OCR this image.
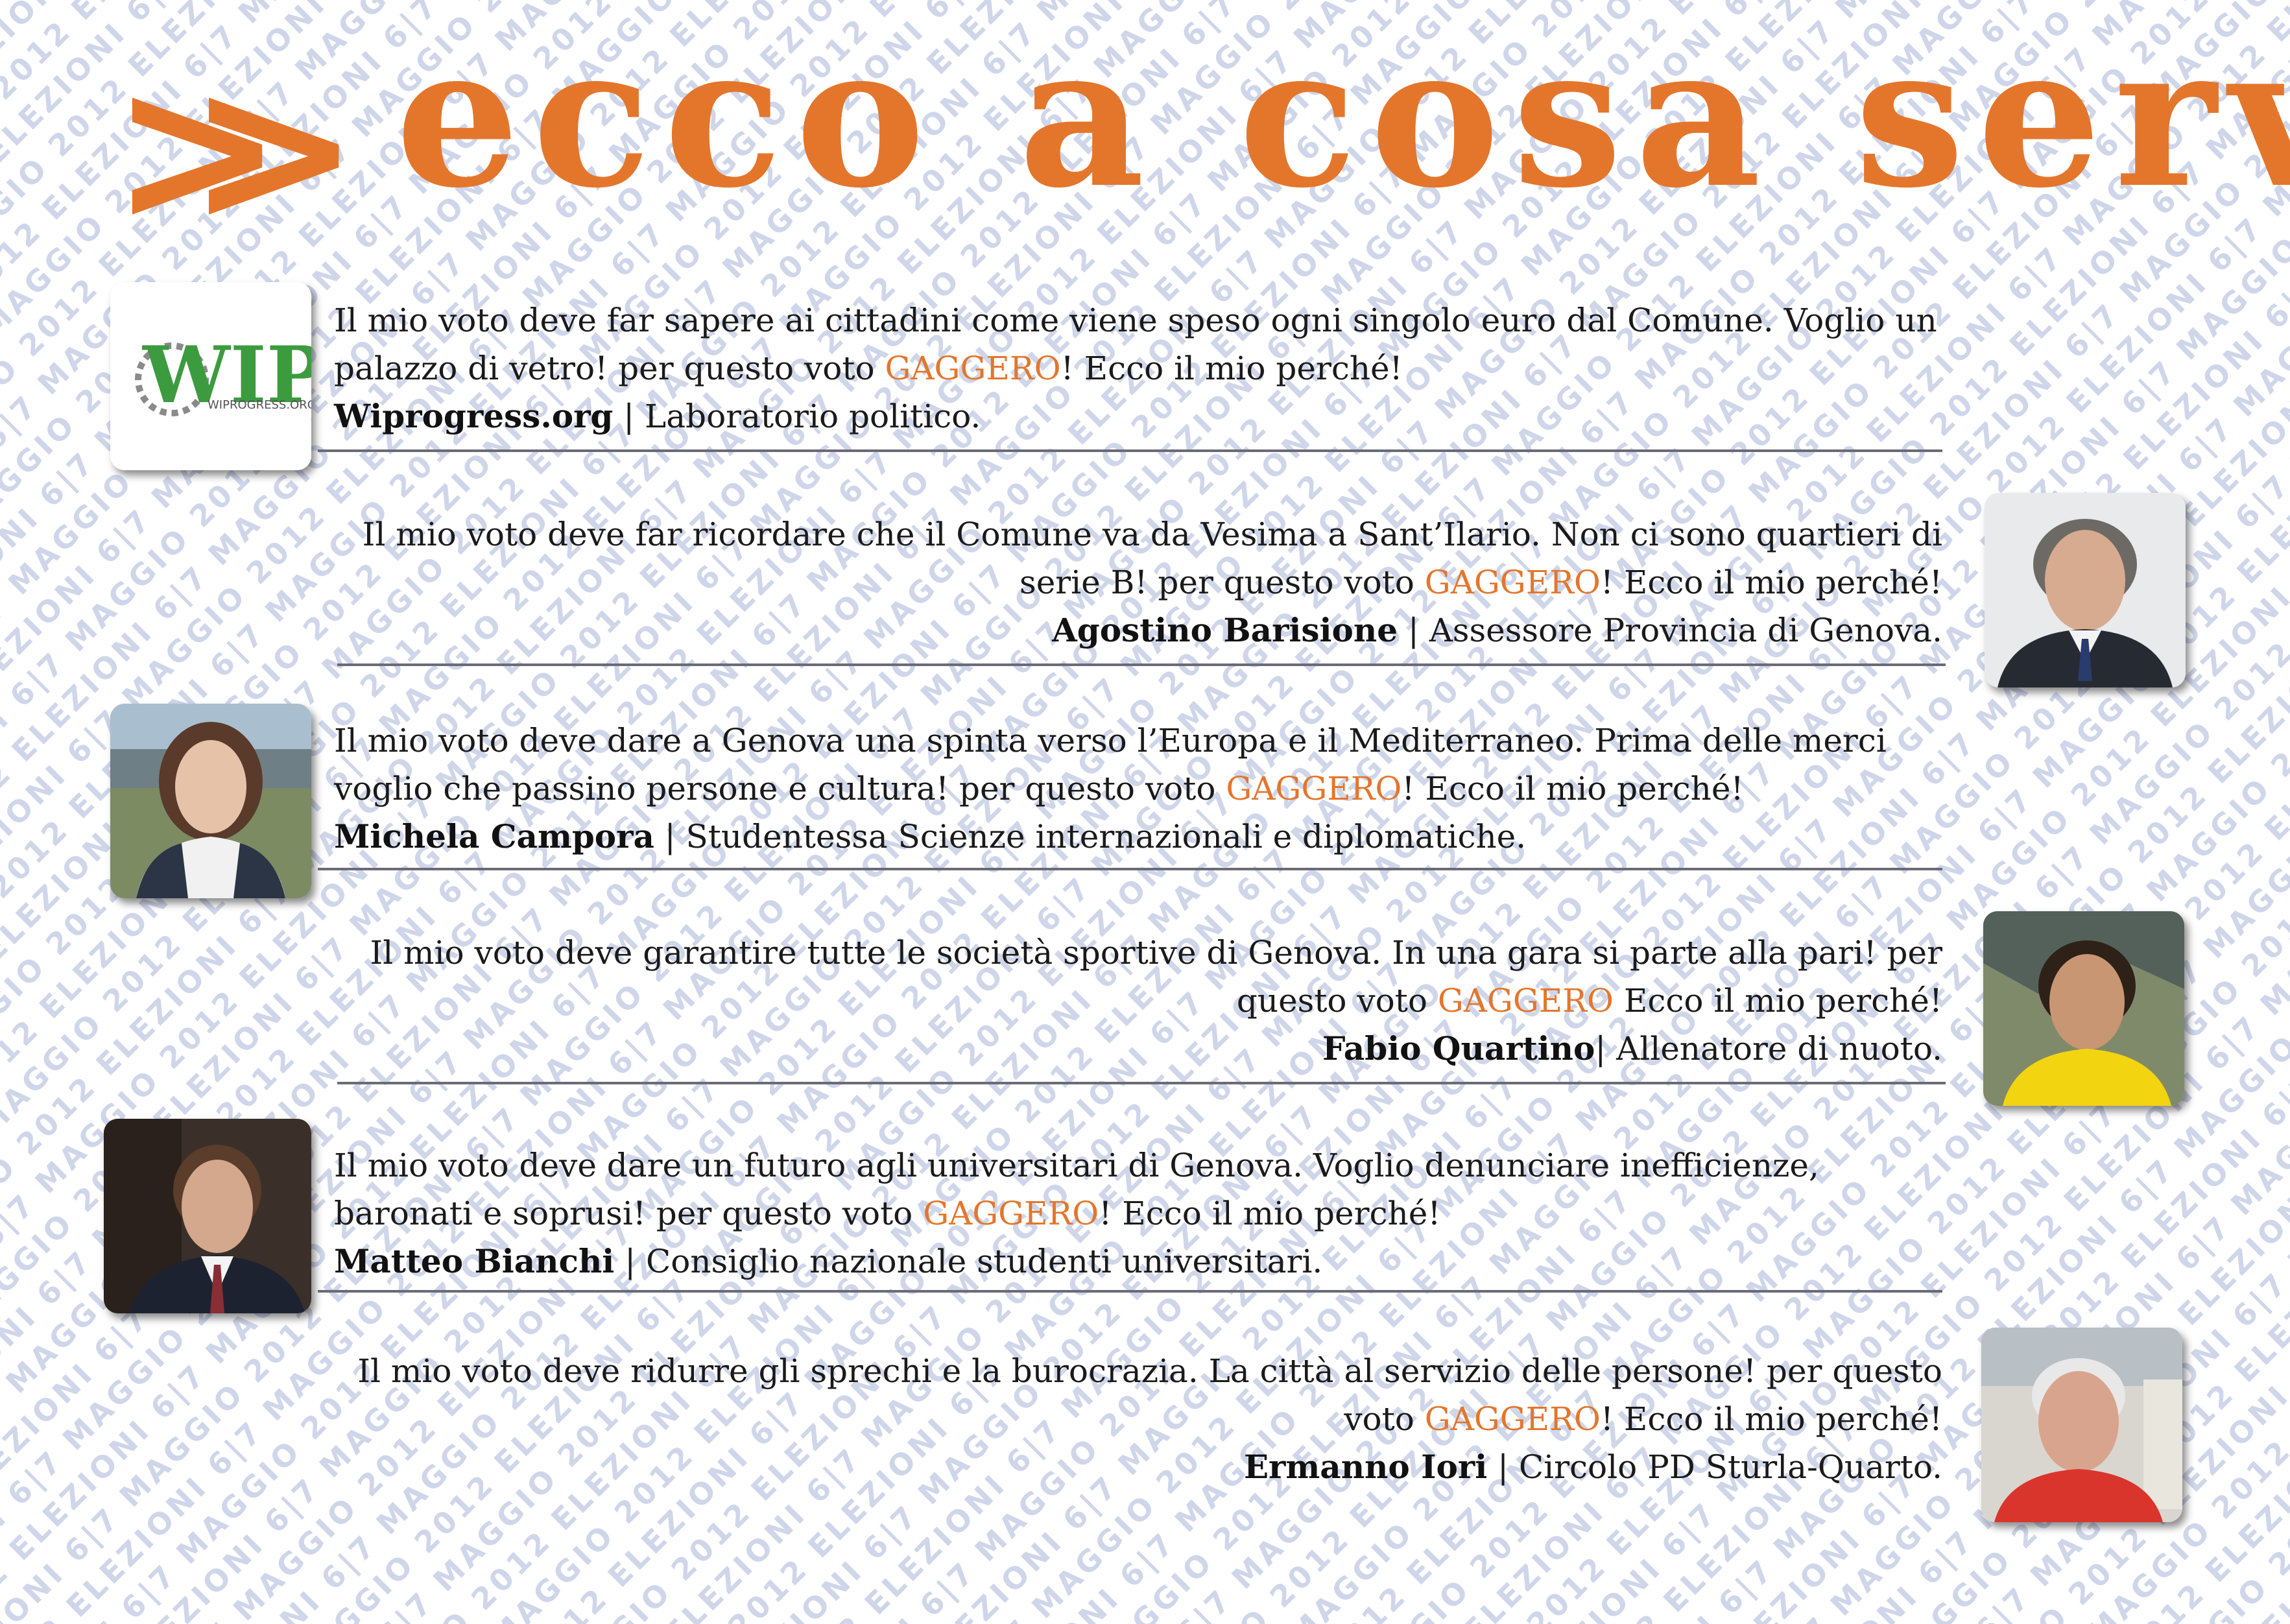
ELEZIONI 6|7 MAGGIO 2012 ELEZIONI 6|7 MAGGIO 2012
ELEZIONI 6|7 MAGGIO 2012 ELEZIONI 6|7 MAGGIO 2012 ELEZIONI
2012 6|7 MAGGIO 2012 ELEZIONI 6|7 MAGGIO 2012
ELEZIONI MAGGIO 2012 ELEZIONI 6|7 MAGGIO 2012 ELEZIONI
MAGGIO 2012 MAGGIO 2012 ELEZIONI 6|7 MAGGIO 2012 ELEZIONI
2012 ELEZIONI 2012 ELEZIONI 6|7 MAGGIO 2012 ELEZIONI 6|7
MAGGIO 2012 6|7 MAGGIO 2012 ELEZIONI 6|7 MAGGIO 2012 ELEZIONI
MAGGIO 2012 ELEZIONI 6|7 MAGGIO 2012 ELEZIONI 6|7 MAGGIO 2012 ELEZIONI 6|7 MAGGIO
6|7 MAGGIO 2012 ELEZIONI 6|7 MAGGIO 2012 ELEZIONI 6|7 MAGGIO 2012 ELEZIONI 6|7
MAGGIO ELEZIONI 6|7 MAGGIO 2012 ELEZIONI 6|7 MAGGIO 2012 ELEZIONI 6|7 MAGGIO
ELEZIONI 6|7 2012 ELEZIONI 6|7 MAGGIO 2012 ELEZIONI 6|7 MAGGIO 2012 ELEZIONI 6|7
6|7 MAGGIO 6|7 MAGGIO 2012 ELEZIONI 6|7 MAGGIO 2012 ELEZIONI 6|7 MAGGIO 2012
ELEZIONI 6|7 2012 ELEZIONI 6|7 MAGGIO 2012 ELEZIONI 6|7 MAGGIO 2012 ELEZIONI 6|7 MAGGIO
ELEZIONI 6|7 MAGGIO ELEZIONI 6|7 MAGGIO 2012 ELEZIONI 6|7 MAGGIO 2012 ELEZIONI 6|7 MAGGIO 2012
2012 ELEZIONI 6|7 2012 ELEZIONI 6|7 MAGGIO 2012 ELEZIONI 6|7 MAGGIO 2012 ELEZIONI 6|7 MAGGIO
6|7 MAGGIO 2012 ELEZIONI 6|7 MAGGIO 2012 ELEZIONI 6|7 MAGGIO 2012 ELEZIONI 6|7 MAGGIO 2012 ELEZIONI
ELEZIONI 6|7 MAGGIO 2012 ELEZIONI 6|7 MAGGIO 2012 ELEZIONI 6|7 MAGGIO 2012 ELEZIONI 6|7 MAGGIO 2012
6|7 MAGGIO 2012 ELEZIONI 6|7 MAGGIO 2012 ELEZIONI 6|7 MAGGIO 2012 ELEZIONI 6|7 MAGGIO 2012 ELEZIONI
ELEZIONI 6|7 MAGGIO 2012 ELEZIONI 6|7 MAGGIO 2012 ELEZIONI 6|7 MAGGIO 2012 ELEZIONI 6|7 MAGGIO 2012 ELEZIONI
MAGGIO 2012 ELEZIONI 6|7 MAGGIO 2012 ELEZIONI 6|7 MAGGIO 2012 ELEZIONI 6|7 MAGGIO 2012 ELEZIONI 6|7
6|7 MAGGIO 2012 ELEZIONI 6|7 MAGGIO 2012 ELEZIONI 6|7 MAGGIO 2012 ELEZIONI 6|7 MAGGIO 2012 ELEZIONI
MAGGIO 2012 ELEZIONI 6|7 MAGGIO 2012 ELEZIONI 6|7 MAGGIO 2012 ELEZIONI 6|7 MAGGIO 2012 ELEZIONI 6|7 MAGGIO
6|7 MAGGIO 2012 ELEZIONI 6|7 MAGGIO 2012 ELEZIONI 6|7 MAGGIO 2012 ELEZIONI 6|7 MAGGIO 2012 ELEZIONI 6|7
2012 ELEZIONI 6|7 MAGGIO 2012 ELEZIONI 6|7 MAGGIO 2012 ELEZIONI 6|7 MAGGIO 2012 ELEZIONI 6|7 MAGGIO
MAGGIO 2012 ELEZIONI 6|7 MAGGIO 2012 ELEZIONI 6|7 MAGGIO 2012 ELEZIONI 6|7 MAGGIO 2012 ELEZIONI 6|7
ELEZIONI 6|7 MAGGIO 2012 ELEZIONI 6|7 MAGGIO 2012 ELEZIONI 6|7 MAGGIO 2012 ELEZIONI 6|7 MAGGIO 2012
2012 ELEZIONI 6|7 MAGGIO 2012 ELEZIONI 6|7 MAGGIO 2012 ELEZIONI 6|7 MAGGIO 2012 ELEZIONI 6|7 MAGGIO
ELEZIONI 6|7 MAGGIO 2012 ELEZIONI 6|7 MAGGIO 2012 ELEZIONI 6|7 MAGGIO 2012 ELEZIONI 6|7 MAGGIO 2012
2012 ELEZIONI 6|7 MAGGIO 2012 ELEZIONI 6|7 MAGGIO 2012 ELEZIONI 6|7 MAGGIO 2012 ELEZIONI 6|7 MAGGIO
6|7 MAGGIO 2012 ELEZIONI 6|7 MAGGIO 2012 ELEZIONI 6|7 MAGGIO 2012 ELEZIONI 6|7 MAGGIO 2012
ELEZIONI 6|7 MAGGIO 2012 ELEZIONI 6|7 MAGGIO 2012 ELEZIONI 6|7 MAGGIO 2012 ELEZIONI 6|7 MAGGIO
6|7 MAGGIO 2012 ELEZIONI 6|7 MAGGIO 2012 ELEZIONI 6|7 MAGGIO 2012 ELEZIONI 6|7 MAGGIO
ELEZIONI 6|7 MAGGIO 2012 ELEZIONI 6|7 MAGGIO 2012 ELEZIONI 6|7 MAGGIO ELEZIONI 6|7
MAGGIO 2012 ELEZIONI 6|7 MAGGIO 2012 ELEZIONI 6|7 MAGGIO 6|7 MAGGIO
6|7 MAGGIO 2012 ELEZIONI 6|7 MAGGIO 2012 ELEZIONI 6|7 ELEZIONI
MAGGIO 2012 ELEZIONI 6|7 MAGGIO 2012 ELEZIONI 6|7 MAGGIO 2012 6|7 MAGGIO
6|7 MAGGIO 2012 ELEZIONI 6|7 MAGGIO 2012 ELEZIONI 6|7 MAGGIO 2012 ELEZIONI
2012 ELEZIONI 6|7 MAGGIO 2012 ELEZIONI 6|7 MAGGIO 2012 ELEZIONI 6|7
MAGGIO 2012 ELEZIONI 6|7 MAGGIO 2012 ELEZIONI 6|7 MAGGIO 2012 ELEZIONI
ELEZIONI 6|7 MAGGIO 2012 ELEZIONI 6|7 2012 ELEZIONI
2012 ELEZIONI 6|7 MAGGIO 2012 MAGGIO 2012
ELEZIONI 6|7 MAGGIO 2012 ELEZIONI 2012 ELEZIONI
2012 ELEZIONI 6|7 MAGGIO 2012 MAGGIO
6|7 MAGGIO 2012 ELEZIONI 6|7 2012
ELEZIONI 6|7 MAGGIO 2012 ELEZIONI 6|7 MAGGIO
6|7 MAGGIO 2012 ELEZIONI 6|7 MAGGIO
ELEZIONI 6|7 MAGGIO 2012 ELEZIONI 6|7
MAGGIO 6|7 MAGGIO
6|7 ELEZIONI
MAGGIO 6|7 MAGGIO
6|7 MAGGIO 2012 ELEZIONI
2012 ELEZIONI 6|7
MAGGIO 2012 ELEZIONI
2012 ELEZIONI
2012
>> ecco a cosa serve
WIP
WIPROGRESS.ORG

Il mio voto deve far sapere ai cittadini come viene speso ogni singolo euro dal Comune. Voglio un palazzo di vetro! per questo voto GAGGERO! Ecco il mio perché!

Wiprogress.org | Laboratorio politico.

Il mio voto deve far ricordare che il Comune va da Vesima a Sant’Ilario. Non ci sono quartieri di serie B! per questo voto GAGGERO! Ecco il mio perché!

Agostino Barisione | Assessore Provincia di Genova.

Il mio voto deve dare a Genova una spinta verso l’Europa e il Mediterraneo. Prima delle merci voglio che passino persone e cultura! per questo voto GAGGERO! Ecco il mio perché!

Michela Campora | Studentessa Scienze internazionali e diplomatiche.

Il mio voto deve garantire tutte le società sportive di Genova. In una gara si parte alla pari! per questo voto GAGGERO Ecco il mio perché!

Fabio Quartino| Allenatore di nuoto.

Il mio voto deve dare un futuro agli universitari di Genova. Voglio denunciare inefficienze, baronati e soprusi! per questo voto GAGGERO! Ecco il mio perché!

Matteo Bianchi | Consiglio nazionale studenti universitari.

Il mio voto deve ridurre gli sprechi e la burocrazia. La città al servizio delle persone! per questo voto GAGGERO! Ecco il mio perché!

Ermanno Iori | Circolo PD Sturla-Quarto.
